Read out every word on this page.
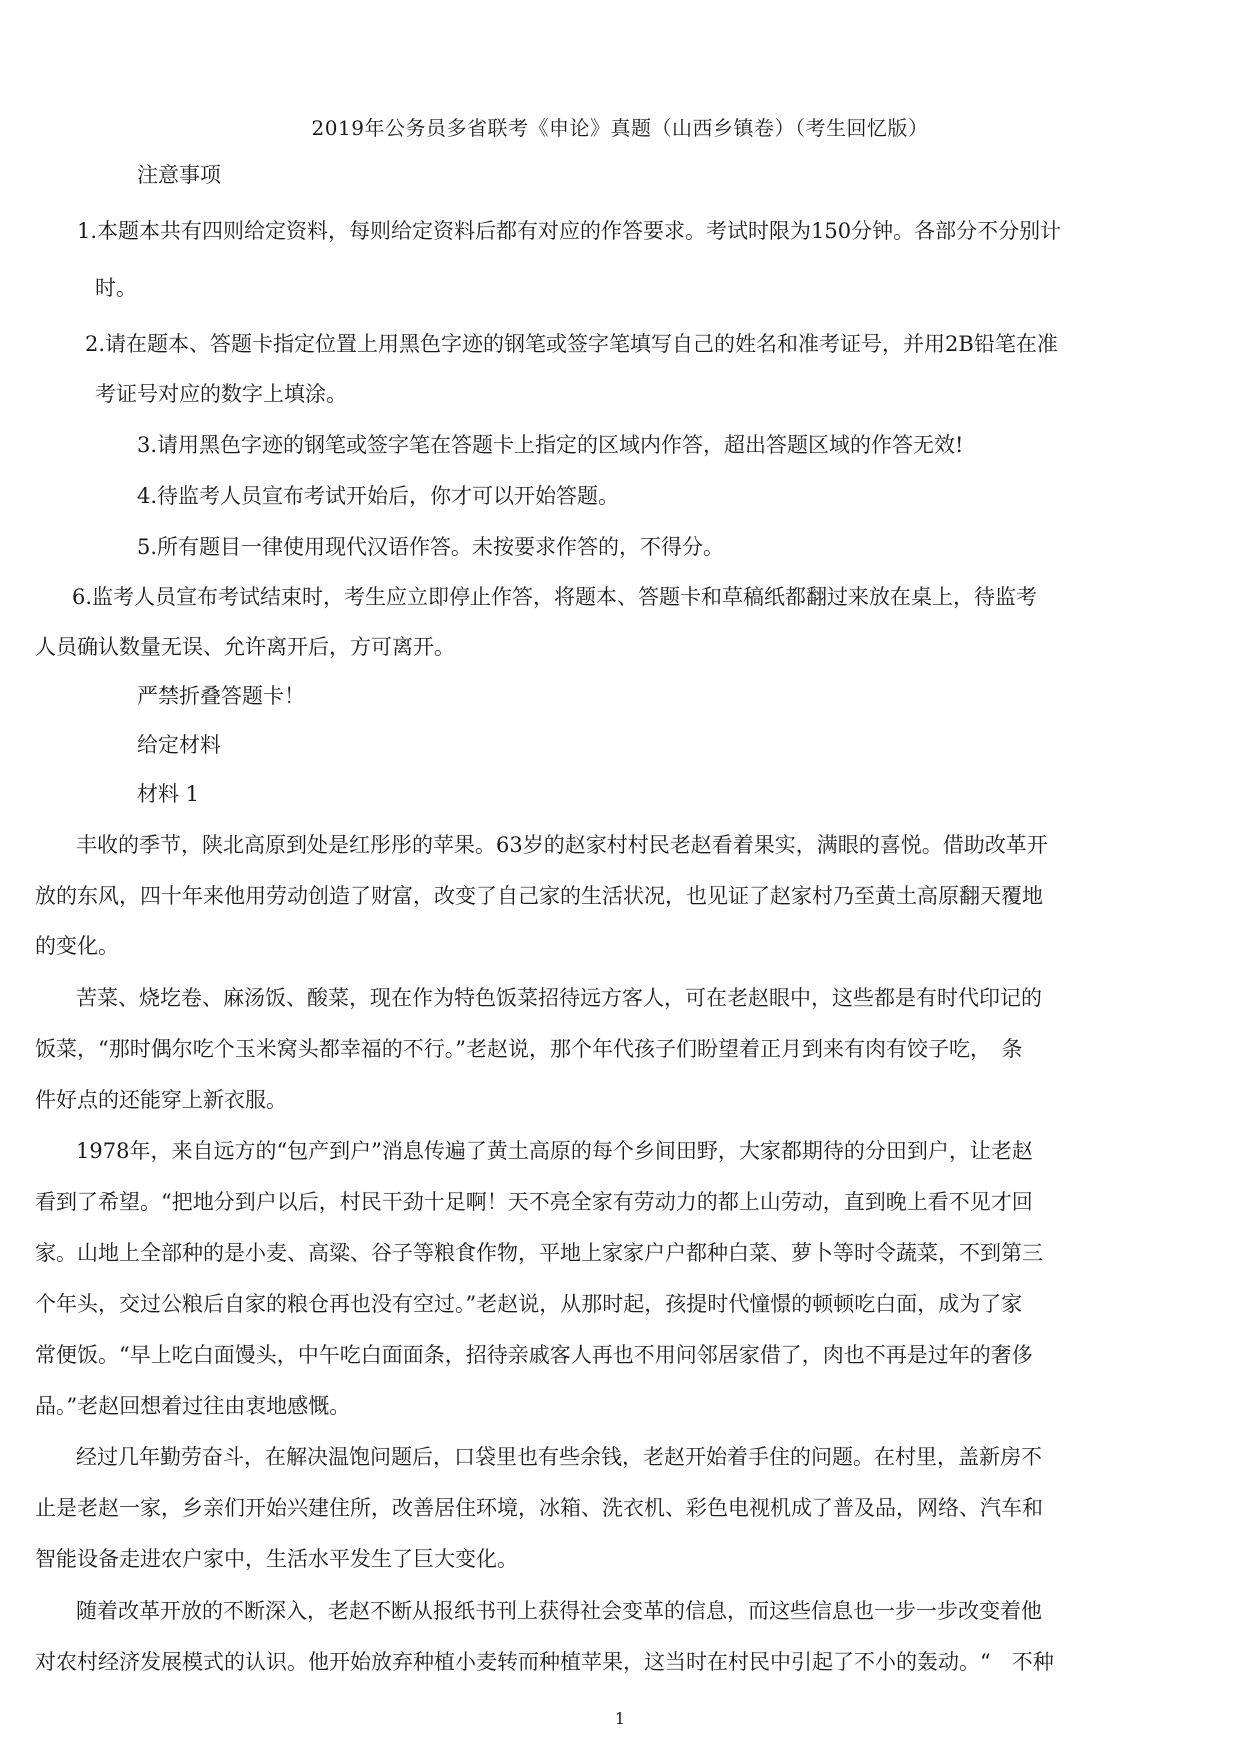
2019年公务员多省联考《申论》真题（山西乡镇卷）（考生回忆版）
注意事项
1.本题本共有四则给定资料，每则给定资料后都有对应的作答要求。考试时限为150分钟。各部分不分别计
时。
2.请在题本、答题卡指定位置上用黑色字迹的钢笔或签字笔填写自己的姓名和准考证号，并用2B铅笔在准
考证号对应的数字上填涂。
3.请用黑色字迹的钢笔或签字笔在答题卡上指定的区域内作答，超出答题区域的作答无效!
4.待监考人员宣布考试开始后，你才可以开始答题。
5.所有题目一律使用现代汉语作答。未按要求作答的，不得分。
6.监考人员宣布考试结束时，考生应立即停止作答，将题本、答题卡和草稿纸都翻过来放在桌上，待监考
人员确认数量无误、允许离开后，方可离开。
严禁折叠答题卡！
给定材料
材料 1
丰收的季节，陕北高原到处是红彤彤的苹果。63岁的赵家村村民老赵看着果实，满眼的喜悦。借助改革开
放的东风，四十年来他用劳动创造了财富，改变了自己家的生活状况，也见证了赵家村乃至黄土高原翻天覆地
的变化。
苦菜、烧圪卷、麻汤饭、酸菜，现在作为特色饭菜招待远方客人，可在老赵眼中，这些都是有时代印记的
饭菜，“那时偶尔吃个玉米窝头都幸福的不行。”老赵说，那个年代孩子们盼望着正月到来有肉有饺子吃，　条
件好点的还能穿上新衣服。
1978年，来自远方的“包产到户”消息传遍了黄土高原的每个乡间田野，大家都期待的分田到户，让老赵
看到了希望。“把地分到户以后，村民干劲十足啊！天不亮全家有劳动力的都上山劳动，直到晚上看不见才回
家。山地上全部种的是小麦、高粱、谷子等粮食作物，平地上家家户户都种白菜、萝卜等时令蔬菜，不到第三
个年头，交过公粮后自家的粮仓再也没有空过。”老赵说，从那时起，孩提时代憧憬的顿顿吃白面，成为了家
常便饭。“早上吃白面馒头，中午吃白面面条，招待亲戚客人再也不用问邻居家借了，肉也不再是过年的奢侈
品。”老赵回想着过往由衷地感慨。
经过几年勤劳奋斗，在解决温饱问题后，口袋里也有些余钱，老赵开始着手住的问题。在村里，盖新房不
止是老赵一家，乡亲们开始兴建住所，改善居住环境，冰箱、洗衣机、彩色电视机成了普及品，网络、汽车和
智能设备走进农户家中，生活水平发生了巨大变化。
随着改革开放的不断深入，老赵不断从报纸书刊上获得社会变革的信息，而这些信息也一步一步改变着他
对农村经济发展模式的认识。他开始放弃种植小麦转而种植苹果，这当时在村民中引起了不小的轰动。“　不种
1
